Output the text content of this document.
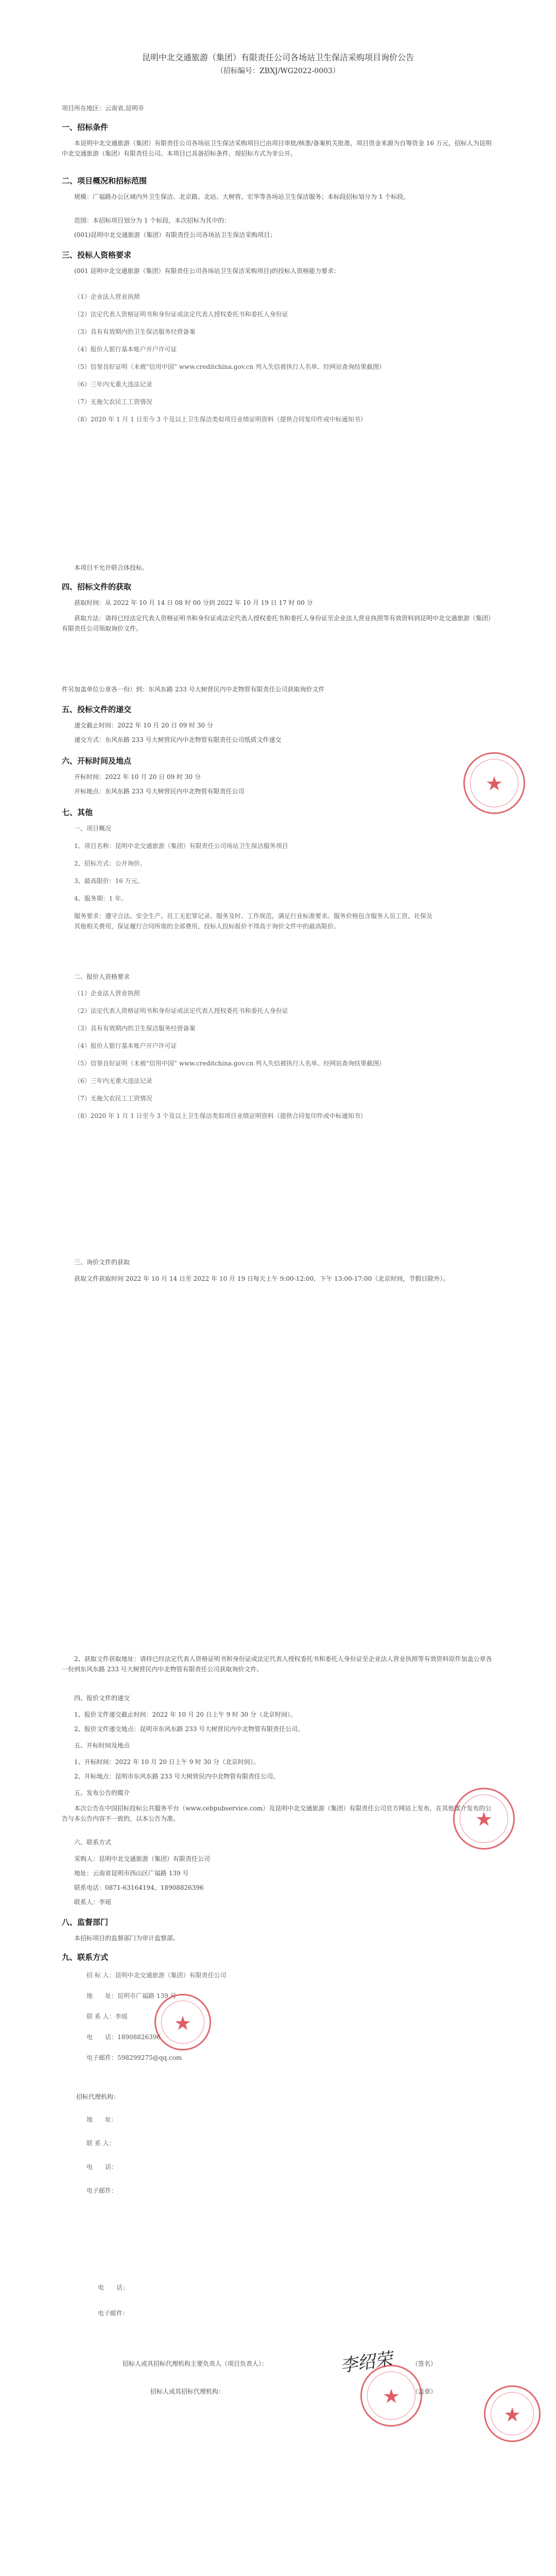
昆明中北交通旅游（集团）有限责任公司各场站卫生保洁采购项目询价公告
（招标编号：ZBXJ/WG2022-0003）
项目所在地区：云南省,昆明市
一、招标条件
本昆明中北交通旅游（集团）有限责任公司各场站卫生保洁采购项目已由项目审批/核准/备案机关批准，项目资金来源为自筹资金 16 万元，招标人为昆明中北交通旅游（集团）有限责任公司。本项目已具备招标条件，现招标方式为非公开。
二、项目概况和招标范围
规模：广福路办公区域内外卫生保洁、北京路、北站、大树营、宏华等各场站卫生保洁服务；本标段招标划分为 1 个标段。
范围：本招标项目划分为 1 个标段，本次招标为其中的：
(001)昆明中北交通旅游（集团）有限责任公司各场站卫生保洁采购项目；
三、投标人资格要求
(001 昆明中北交通旅游（集团）有限责任公司各场站卫生保洁采购项目)的投标人资格能力要求：
（1）企业法人营业执照
（2）法定代表人资格证明书和身份证或法定代表人授权委托书和委托人身份证
（3）具有有效期内的卫生保洁服务经营备案
（4）报价人银行基本账户开户许可证
（5）信誉良好证明（未被“信用中国” www.creditchina.gov.cn 列入失信被执行人名单、经网站查询结果截图）
（6）三年内无重大违法记录
（7）无拖欠农民工工资情况
（8）2020 年 1 月 1 日至今 3 个及以上卫生保洁类似项目业绩证明资料（提供合同复印件或中标通知书）
本项目不允许联合体投标。
四、招标文件的获取
获取时间：从 2022 年 10 月 14 日 08 时 00 分到 2022 年 10 月 19 日 17 时 00 分
获取方法：请持已经法定代表人资格证明书和身份证或法定代表人授权委托书和委托人身份证至企业法人营业执照等有效资料到昆明中北交通旅游（集团）有限责任公司领取询价文件。
件另加盖单位公章各一份）到：东风东路 233 号大树营民内中北物管有限责任公司获取询价文件
五、投标文件的递交
递交截止时间：2022 年 10 月 20 日 09 时 30 分
递交方式：东风东路 233 号大树营民内中北物管有限责任公司纸质文件递交
六、开标时间及地点
开标时间：2022 年 10 月 20 日 09 时 30 分
开标地点：东风东路 233 号大树营民内中北物管有限责任公司
七、其他
一、项目概况
1、项目名称：昆明中北交通旅游（集团）有限责任公司场站卫生保洁服务项目
2、招标方式：公开询价。
3、最高限价：16 万元。
4、服务期：1 年。
服务要求：遵守合法、安全生产、员工无犯罪记录、服务及时、工作规范，满足行业标准要求。服务价格包含服务人员工资、社保及其他相关费用，保证履行合同所需的全部费用，投标人投标报价不得高于询价文件中的最高限价。
二、报价人资格要求
（1）企业法人营业执照
（2）法定代表人资格证明书和身份证或法定代表人授权委托书和委托人身份证
（3）具有有效期内的卫生保洁服务经营备案
（4）报价人银行基本账户开户许可证
（5）信誉良好证明（未被“信用中国” www.creditchina.gov.cn 列入失信被执行人名单、经网站查询结果截图）
（6）三年内无重大违法记录
（7）无拖欠农民工工资情况
（8）2020 年 1 月 1 日至今 3 个及以上卫生保洁类似项目业绩证明资料（提供合同复印件或中标通知书）
三、询价文件的获取
获取文件获取时间 2022 年 10 月 14 日至 2022 年 10 月 19 日每天上午 9:00-12:00，下午 13:00-17:00（北京时间，节假日除外）。
★
2、获取文件获取地址：请持已经法定代表人资格证明书和身份证或法定代表人授权委托书和委托人身份证至企业法人营业执照等有效资料原件加盖公章各一份到东风东路 233 号大树营民内中北物管有限责任公司获取询价文件。
四、报价文件的递交
1、报价文件递交截止时间：2022 年 10 月 20 日上午 9 时 30 分（北京时间）。
2、报价文件递交地点：昆明市东风东路 233 号大树营民内中北物管有限责任公司。
五、开标时间及地点
1、开标时间：2022 年 10 月 20 日上午 9 时 30 分（北京时间）。
2、开标地点：昆明市东风东路 233 号大树营民内中北物管有限责任公司。
五、发布公告的媒介
本次公告在中国招标投标公共服务平台（www.cebpubservice.com）及昆明中北交通旅游（集团）有限责任公司官方网站上发布，在其他媒介发布的公告与本公告内容不一致的，以本公告为准。
六、联系方式
采购人：昆明中北交通旅游（集团）有限责任公司
地址：云南省昆明市西山区广福路 139 号
联系电话：0871-63164194、18908826396
联系人：李瑶
★
八、监督部门
本招标项目的监督部门为审计监察部。
九、联系方式
招 标 人：昆明中北交通旅游（集团）有限责任公司
地　　址：昆明市广福路 139 号
联 系 人：李瑶
电　　话：18908826396
电子邮件：598299275@qq.com
★
招标代理机构：
地　　址：
联 系 人：
电　　话：
电子邮件：
电　　话：
电子邮件：
招标人或其招标代理机构主要负责人（项目负责人）：	李绍荣	（签名）
招标人或其招标代理机构：	（盖章）
★
★
